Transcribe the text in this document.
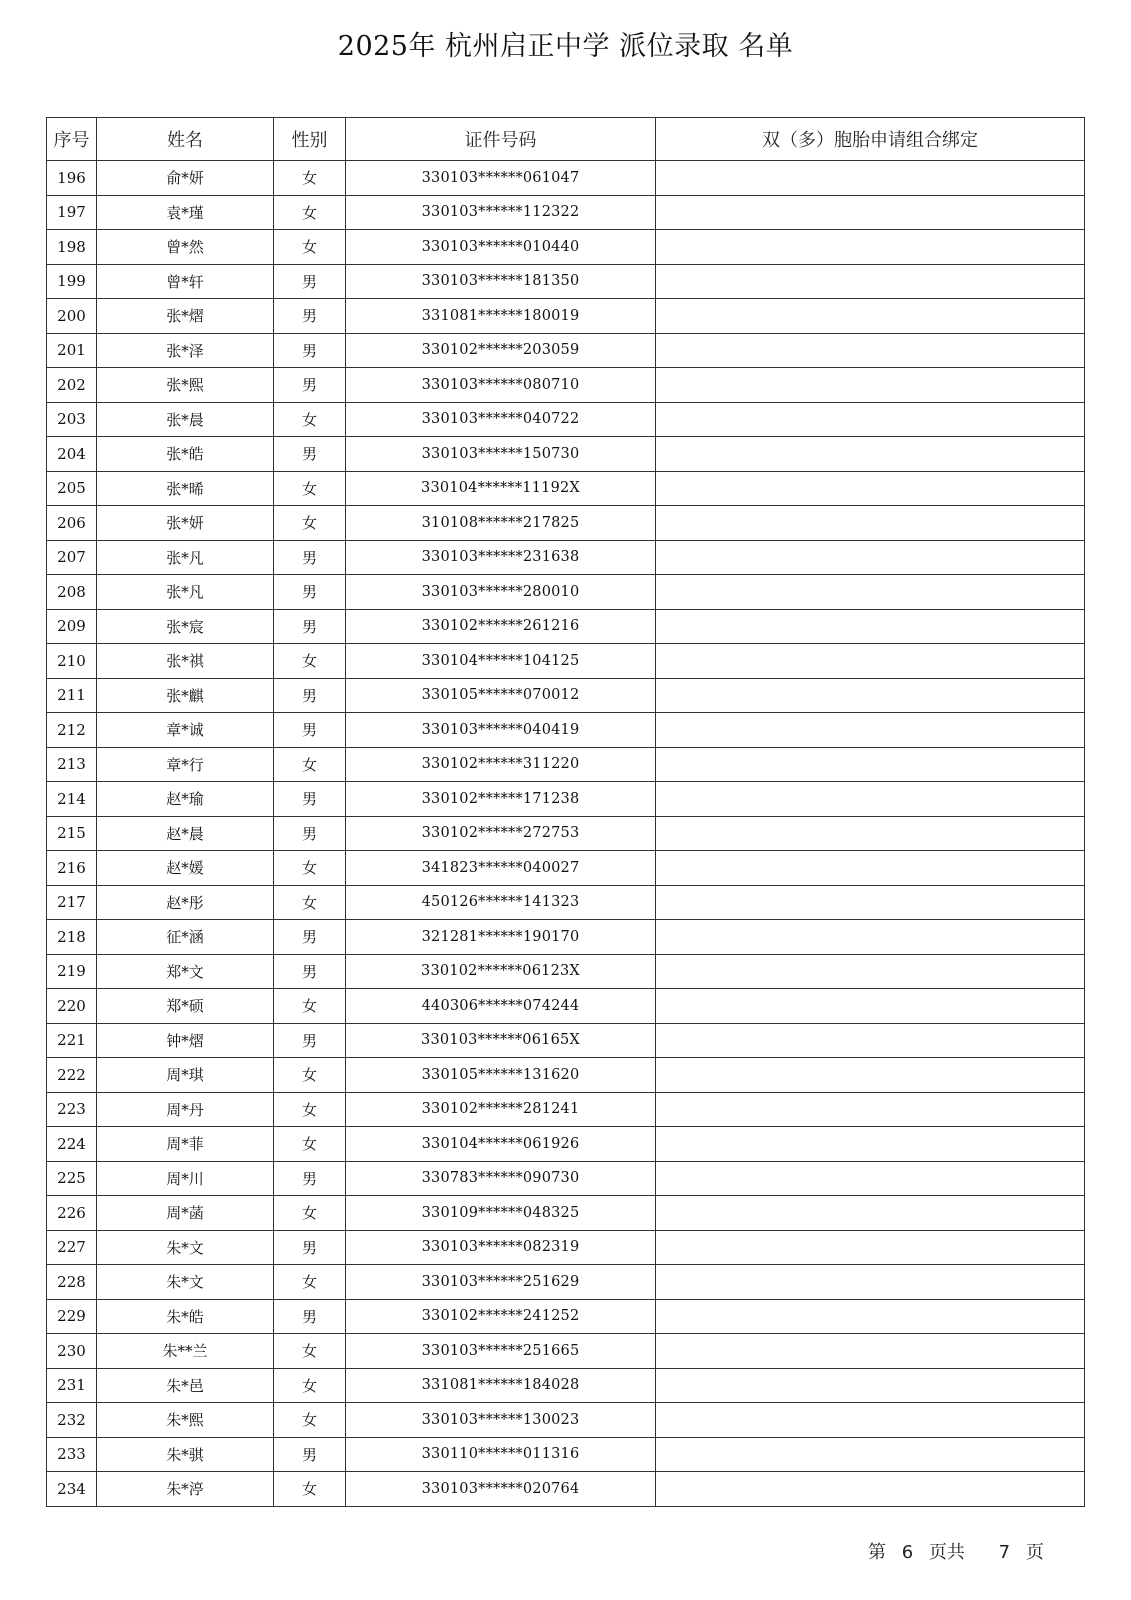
2025年 杭州启正中学 派位录取 名单
序号	姓名	性别	证件号码	双（多）胞胎申请组合绑定
196	俞*妍	女	330103******061047	
197	袁*瑾	女	330103******112322	
198	曾*然	女	330103******010440	
199	曾*轩	男	330103******181350	
200	张*熠	男	331081******180019	
201	张*泽	男	330102******203059	
202	张*熙	男	330103******080710	
203	张*晨	女	330103******040722	
204	张*皓	男	330103******150730	
205	张*晞	女	330104******11192X	
206	张*妍	女	310108******217825	
207	张*凡	男	330103******231638	
208	张*凡	男	330103******280010	
209	张*宸	男	330102******261216	
210	张*祺	女	330104******104125	
211	张*麒	男	330105******070012	
212	章*诚	男	330103******040419	
213	章*行	女	330102******311220	
214	赵*瑜	男	330102******171238	
215	赵*晨	男	330102******272753	
216	赵*媛	女	341823******040027	
217	赵*彤	女	450126******141323	
218	征*涵	男	321281******190170	
219	郑*文	男	330102******06123X	
220	郑*硕	女	440306******074244	
221	钟*熠	男	330103******06165X	
222	周*琪	女	330105******131620	
223	周*丹	女	330102******281241	
224	周*菲	女	330104******061926	
225	周*川	男	330783******090730	
226	周*菡	女	330109******048325	
227	朱*文	男	330103******082319	
228	朱*文	女	330103******251629	
229	朱*皓	男	330102******241252	
230	朱**兰	女	330103******251665	
231	朱*邑	女	331081******184028	
232	朱*熙	女	330103******130023	
233	朱*骐	男	330110******011316	
234	朱*渟	女	330103******020764	
第 6 页共 7 页
